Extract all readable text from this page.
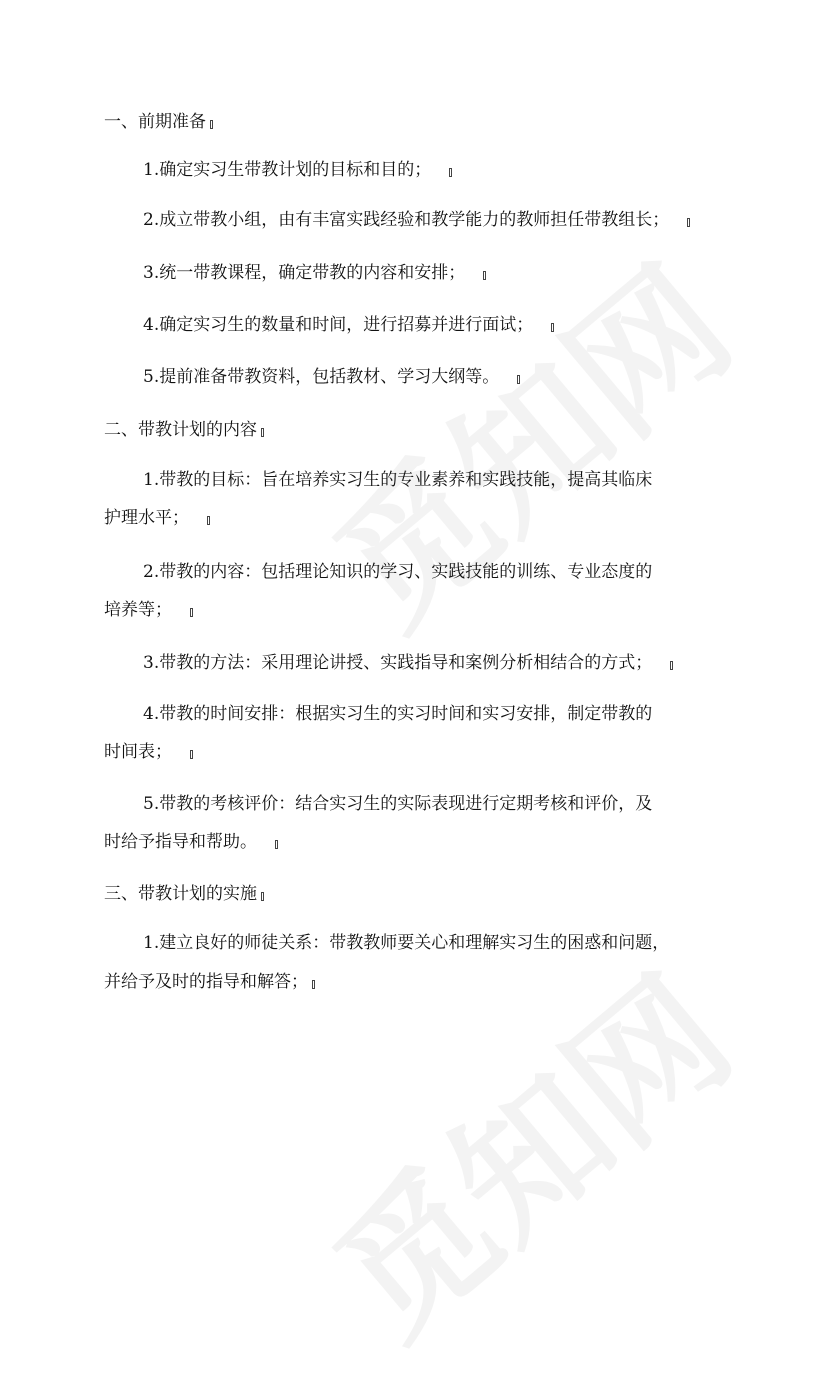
一、前期准备
1.确定实习生带教计划的目标和目的；
2.成立带教小组，由有丰富实践经验和教学能力的教师担任带教组长；
3.统一带教课程，确定带教的内容和安排；
4.确定实习生的数量和时间，进行招募并进行面试；
5.提前准备带教资料，包括教材、学习大纲等。
二、带教计划的内容
1.带教的目标：旨在培养实习生的专业素养和实践技能，提高其临床
护理水平；
2.带教的内容：包括理论知识的学习、实践技能的训练、专业态度的
培养等；
3.带教的方法：采用理论讲授、实践指导和案例分析相结合的方式；
4.带教的时间安排：根据实习生的实习时间和实习安排，制定带教的
时间表；
5.带教的考核评价：结合实习生的实际表现进行定期考核和评价，及
时给予指导和帮助。
三、带教计划的实施
1.建立良好的师徒关系：带教教师要关心和理解实习生的困惑和问题，
并给予及时的指导和解答；
